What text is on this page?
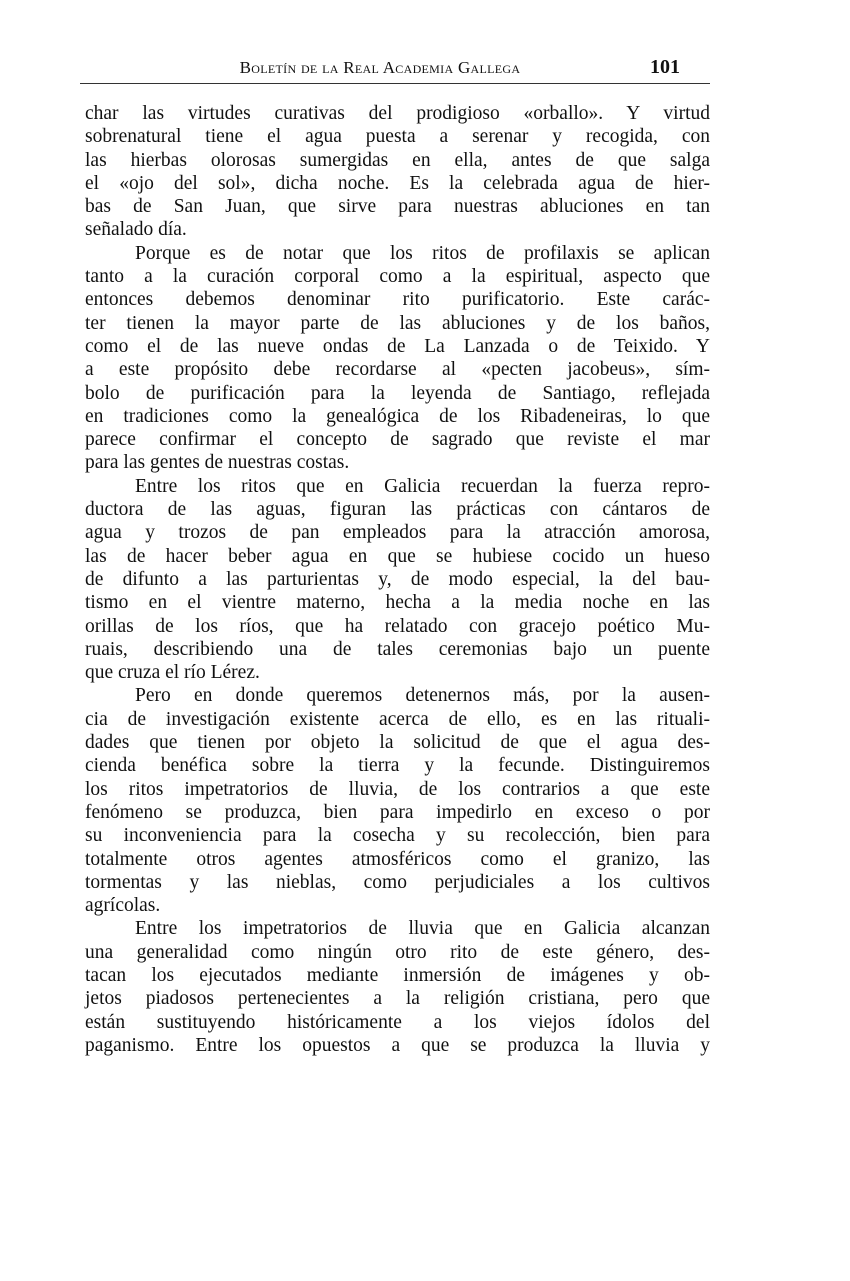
Boletín de la Real Academia Gallega	101
char las virtudes curativas del prodigioso «orballo». Y virtud
sobrenatural tiene el agua puesta a serenar y recogida, con
las hierbas olorosas sumergidas en ella, antes de que salga
el «ojo del sol», dicha noche. Es la celebrada agua de hier-
bas de San Juan, que sirve para nuestras abluciones en tan
señalado día.
Porque es de notar que los ritos de profilaxis se aplican
tanto a la curación corporal como a la espiritual, aspecto que
entonces debemos denominar rito purificatorio. Este carác-
ter tienen la mayor parte de las abluciones y de los baños,
como el de las nueve ondas de La Lanzada o de Teixido. Y
a este propósito debe recordarse al «pecten jacobeus», sím-
bolo de purificación para la leyenda de Santiago, reflejada
en tradiciones como la genealógica de los Ribadeneiras, lo que
parece confirmar el concepto de sagrado que reviste el mar
para las gentes de nuestras costas.
Entre los ritos que en Galicia recuerdan la fuerza repro-
ductora de las aguas, figuran las prácticas con cántaros de
agua y trozos de pan empleados para la atracción amorosa,
las de hacer beber agua en que se hubiese cocido un hueso
de difunto a las parturientas y, de modo especial, la del bau-
tismo en el vientre materno, hecha a la media noche en las
orillas de los ríos, que ha relatado con gracejo poético Mu-
ruais, describiendo una de tales ceremonias bajo un puente
que cruza el río Lérez.
Pero en donde queremos detenernos más, por la ausen-
cia de investigación existente acerca de ello, es en las rituali-
dades que tienen por objeto la solicitud de que el agua des-
cienda benéfica sobre la tierra y la fecunde. Distinguiremos
los ritos impetratorios de lluvia, de los contrarios a que este
fenómeno se produzca, bien para impedirlo en exceso o por
su inconveniencia para la cosecha y su recolección, bien para
totalmente otros agentes atmosféricos como el granizo, las
tormentas y las nieblas, como perjudiciales a los cultivos
agrícolas.
Entre los impetratorios de lluvia que en Galicia alcanzan
una generalidad como ningún otro rito de este género, des-
tacan los ejecutados mediante inmersión de imágenes y ob-
jetos piadosos pertenecientes a la religión cristiana, pero que
están sustituyendo históricamente a los viejos ídolos del
paganismo. Entre los opuestos a que se produzca la lluvia y
